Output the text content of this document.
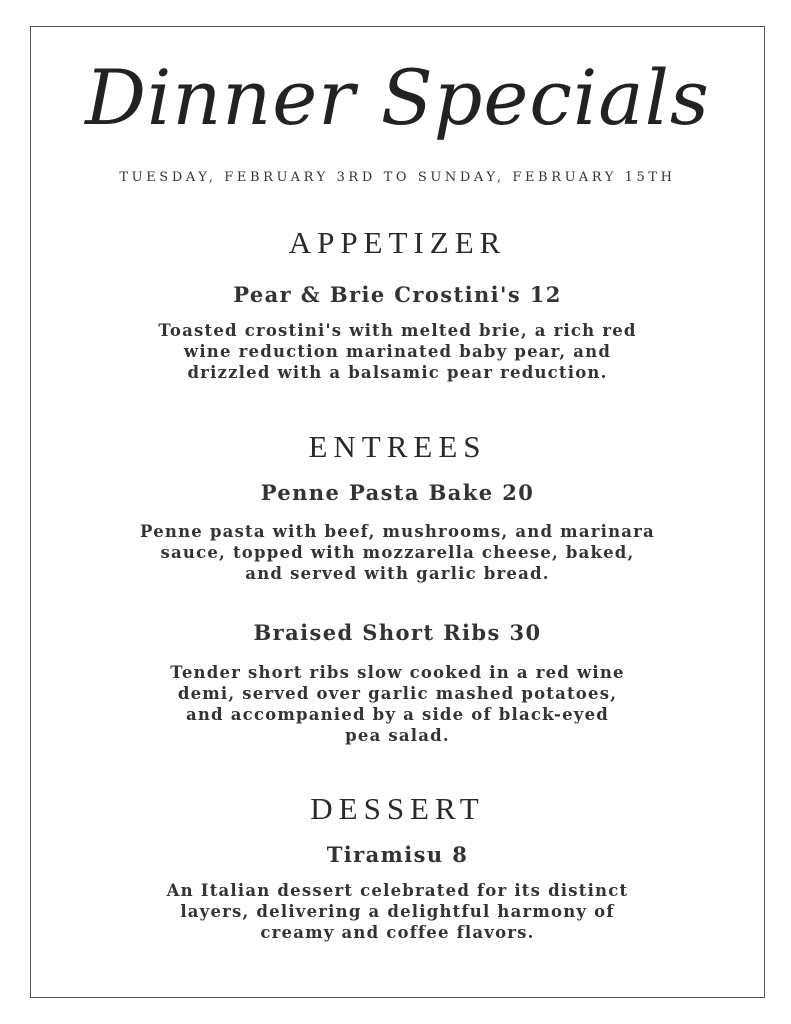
Dinner Specials
TUESDAY, FEBRUARY 3RD TO SUNDAY, FEBRUARY 15TH
APPETIZER
Pear & Brie Crostini's 12
Toasted crostini's with melted brie, a rich red
wine reduction marinated baby pear, and
drizzled with a balsamic pear reduction.
ENTREES
Penne Pasta Bake 20
Penne pasta with beef, mushrooms, and marinara
sauce, topped with mozzarella cheese, baked,
and served with garlic bread.
Braised Short Ribs 30
Tender short ribs slow cooked in a red wine
demi, served over garlic mashed potatoes,
and accompanied by a side of black-eyed
pea salad.
DESSERT
Tiramisu 8
An Italian dessert celebrated for its distinct
layers, delivering a delightful harmony of
creamy and coffee flavors.
